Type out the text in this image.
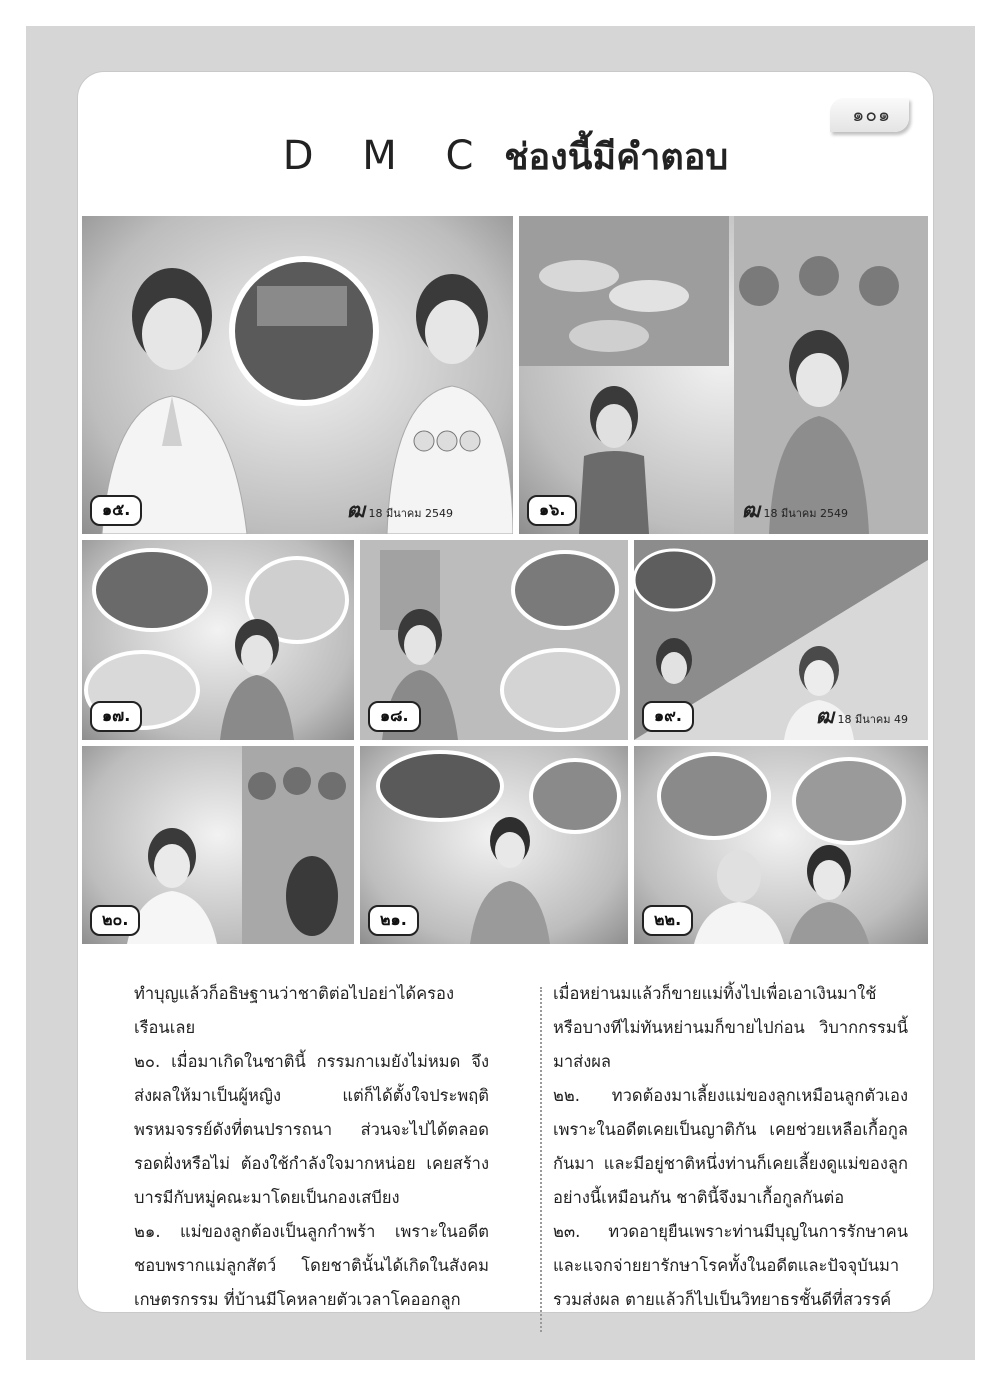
๑๐๑
D M C ช่องนี้มีคำตอบ
๑๕.	ฒ 18 มีนาคม 2549	๑๖.	ฒ 18 มีนาคม 2549
๑๗.	๑๘.	๑๙.	ฒ 18 มีนาคม 49
๒๐.	๒๑.	๒๒.

ทำบุญแล้วก็อธิษฐานว่าชาติต่อไปอย่าได้ครองเรือนเลย

๒๐. เมื่อมาเกิดในชาตินี้ กรรมกาเมยังไม่หมด จึงส่งผลให้มาเป็นผู้หญิง แต่ก็ได้ตั้งใจประพฤติพรหมจรรย์ดังที่ตนปรารถนา ส่วนจะไปได้ตลอดรอดฝั่งหรือไม่ ต้องใช้กำลังใจมากหน่อย เคยสร้างบารมีกับหมู่คณะมาโดยเป็นกองเสบียง

๒๑. แม่ของลูกต้องเป็นลูกกำพร้า เพราะในอดีตชอบพรากแม่ลูกสัตว์ โดยชาตินั้นได้เกิดในสังคมเกษตรกรรม ที่บ้านมีโคหลายตัวเวลาโคออกลูก

เมื่อหย่านมแล้วก็ขายแม่ทิ้งไปเพื่อเอาเงินมาใช้ หรือบางทีไม่ทันหย่านมก็ขายไปก่อน วิบากกรรมนี้มาส่งผล

๒๒. ทวดต้องมาเลี้ยงแม่ของลูกเหมือนลูกตัวเอง เพราะในอดีตเคยเป็นญาติกัน เคยช่วยเหลือเกื้อกูลกันมา และมีอยู่ชาติหนึ่งท่านก็เคยเลี้ยงดูแม่ของลูกอย่างนี้เหมือนกัน ชาตินี้จึงมาเกื้อกูลกันต่อ

๒๓. ทวดอายุยืนเพราะท่านมีบุญในการรักษาคนและแจกจ่ายยารักษาโรคทั้งในอดีตและปัจจุบันมารวมส่งผล ตายแล้วก็ไปเป็นวิทยาธรชั้นดีที่สวรรค์
